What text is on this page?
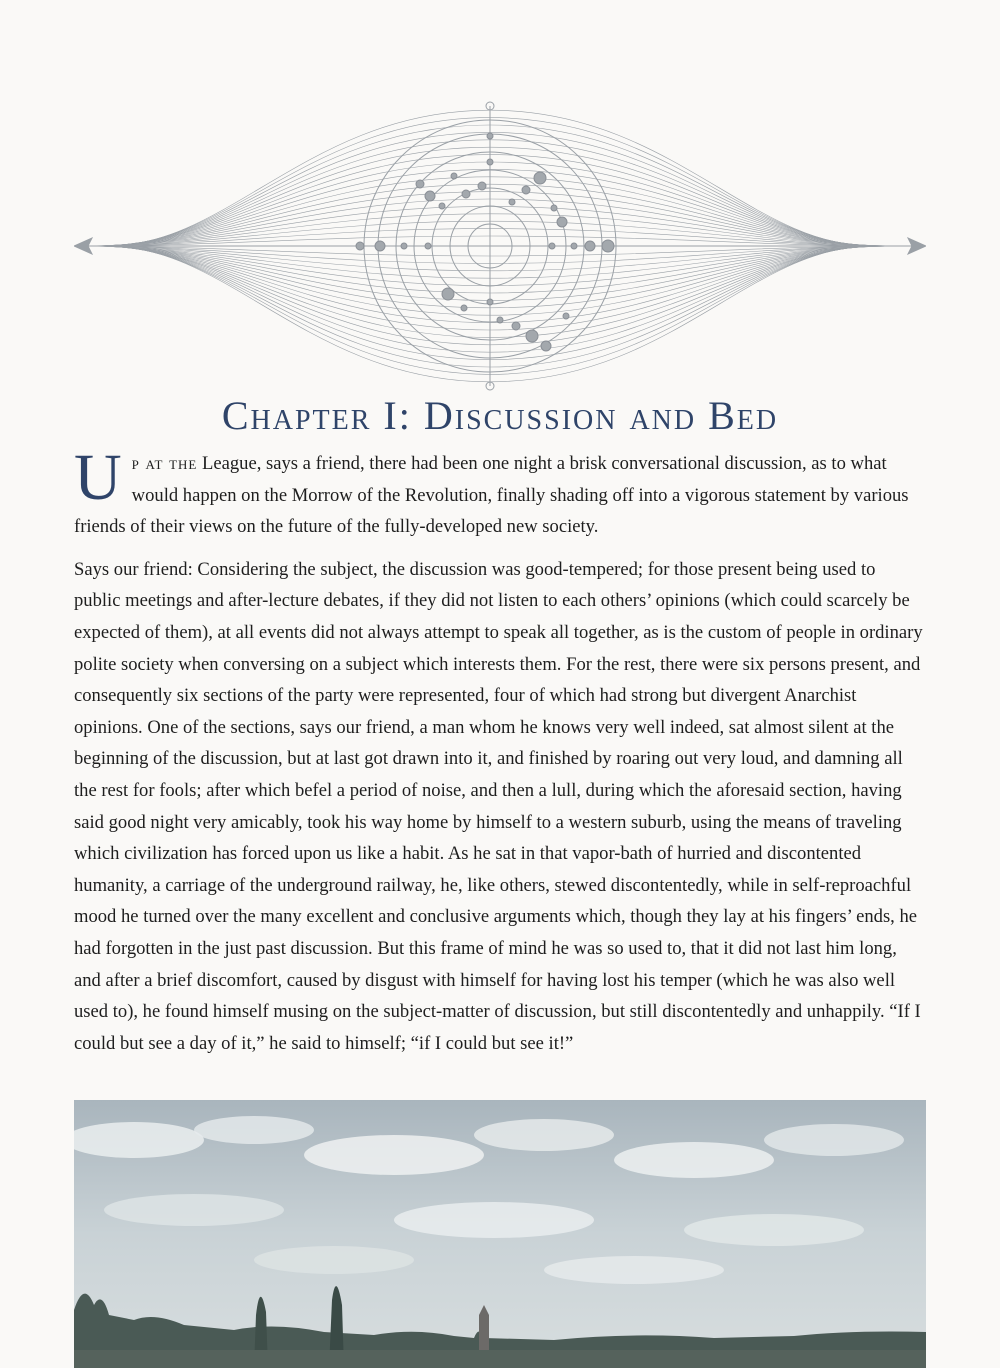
Chapter I: Discussion and Bed

Up at the League, says a friend, there had been one night a brisk conversational discussion, as to what would happen on the Morrow of the Revolution, finally shading off into a vigorous statement by various friends of their views on the future of the fully-developed new society.

Says our friend: Considering the subject, the discussion was good-tempered; for those present being used to public meetings and after-lecture debates, if they did not listen to each others’ opinions (which could scarcely be expected of them), at all events did not always attempt to speak all together, as is the custom of people in ordinary polite society when conversing on a subject which interests them. For the rest, there were six persons present, and consequently six sections of the party were represented, four of which had strong but divergent Anarchist opinions. One of the sections, says our friend, a man whom he knows very well indeed, sat almost silent at the beginning of the discussion, but at last got drawn into it, and finished by roaring out very loud, and damning all the rest for fools; after which befel a period of noise, and then a lull, during which the aforesaid section, having said good night very amicably, took his way home by himself to a western suburb, using the means of traveling which civilization has forced upon us like a habit. As he sat in that vapor-bath of hurried and discontented humanity, a carriage of the underground railway, he, like others, stewed discontentedly, while in self-reproachful mood he turned over the many excellent and conclusive arguments which, though they lay at his fingers’ ends, he had forgotten in the just past discussion. But this frame of mind he was so used to, that it did not last him long, and after a brief discomfort, caused by disgust with himself for having lost his temper (which he was also well used to), he found himself musing on the subject-matter of discussion, but still discontentedly and unhappily. “If I could but see a day of it,” he said to himself; “if I could but see it!”
